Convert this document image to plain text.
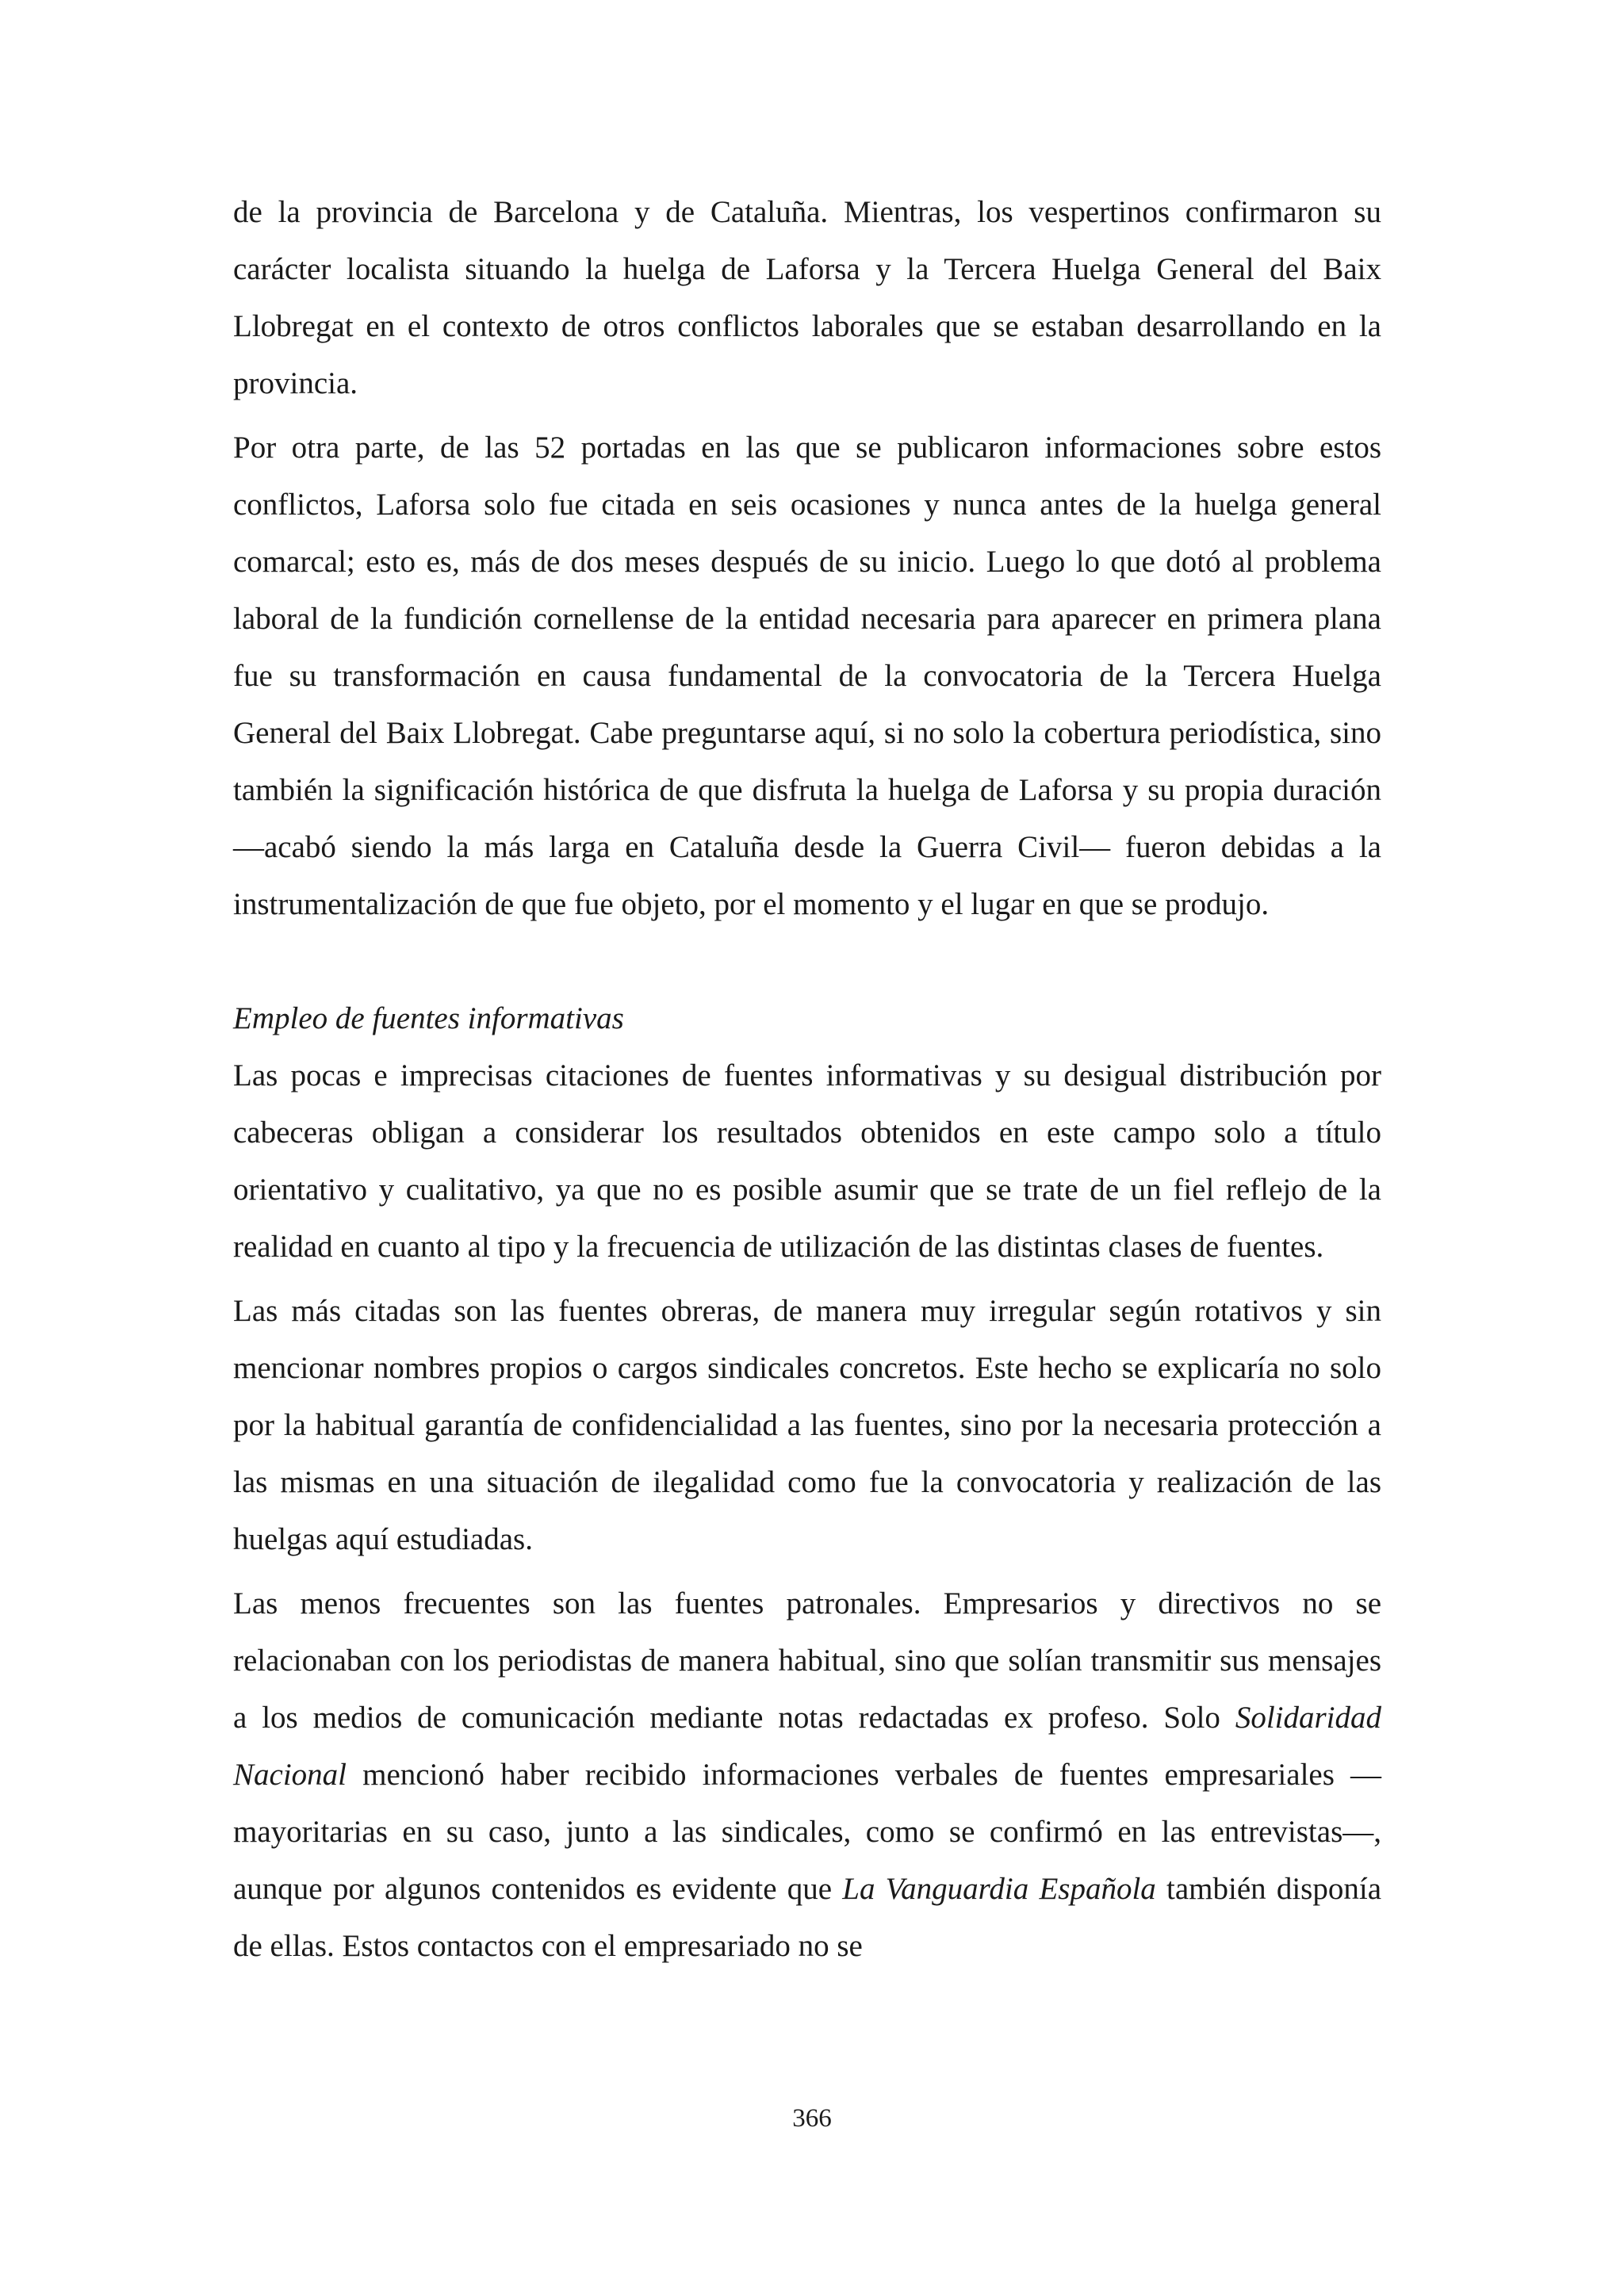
de la provincia de Barcelona y de Cataluña. Mientras, los vespertinos confirmaron su carácter localista situando la huelga de Laforsa y la Tercera Huelga General del Baix Llobregat en el contexto de otros conflictos laborales que se estaban desarrollando en la provincia.

Por otra parte, de las 52 portadas en las que se publicaron informaciones sobre estos conflictos, Laforsa solo fue citada en seis ocasiones y nunca antes de la huelga general comarcal; esto es, más de dos meses después de su inicio. Luego lo que dotó al problema laboral de la fundición cornellense de la entidad necesaria para aparecer en primera plana fue su transformación en causa fundamental de la convocatoria de la Tercera Huelga General del Baix Llobregat. Cabe preguntarse aquí, si no solo la cobertura periodística, sino también la significación histórica de que disfruta la huelga de Laforsa y su propia duración —acabó siendo la más larga en Cataluña desde la Guerra Civil— fueron debidas a la instrumentalización de que fue objeto, por el momento y el lugar en que se produjo.

Empleo de fuentes informativas

Las pocas e imprecisas citaciones de fuentes informativas y su desigual distribución por cabeceras obligan a considerar los resultados obtenidos en este campo solo a título orientativo y cualitativo, ya que no es posible asumir que se trate de un fiel reflejo de la realidad en cuanto al tipo y la frecuencia de utilización de las distintas clases de fuentes.

Las más citadas son las fuentes obreras, de manera muy irregular según rotativos y sin mencionar nombres propios o cargos sindicales concretos. Este hecho se explicaría no solo por la habitual garantía de confidencialidad a las fuentes, sino por la necesaria protección a las mismas en una situación de ilegalidad como fue la convocatoria y realización de las huelgas aquí estudiadas.

Las menos frecuentes son las fuentes patronales. Empresarios y directivos no se relacionaban con los periodistas de manera habitual, sino que solían transmitir sus mensajes a los medios de comunicación mediante notas redactadas ex profeso. Solo Solidaridad Nacional mencionó haber recibido informaciones verbales de fuentes empresariales —mayoritarias en su caso, junto a las sindicales, como se confirmó en las entrevistas—, aunque por algunos contenidos es evidente que La Vanguardia Española también disponía de ellas. Estos contactos con el empresariado no se

366
